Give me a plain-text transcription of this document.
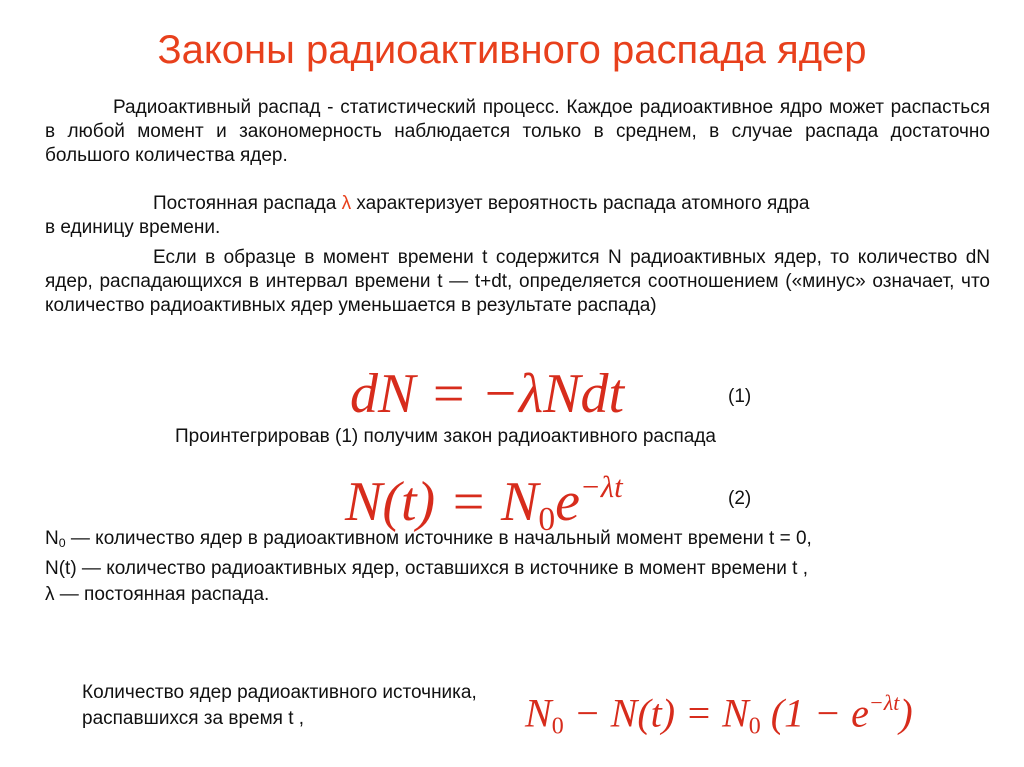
Законы радиоактивного распада ядер
Радиоактивный распад - статистический процесс. Каждое радиоактивное ядро может распасться в любой момент и закономерность наблюдается только в среднем, в случае распада достаточно большого количества ядер.
Постоянная распада λ характеризует вероятность распада атомного ядра
в единицу времени.
Если в образце в момент времени t содержится N радиоактивных ядер, то количество dN ядер, распадающихся в интервал времени t — t+dt, определяется соотношением («минус» означает, что количество радиоактивных ядер уменьшается в результате распада)
dN = −λNdt	(1)
Проинтегрировав (1) получим закон радиоактивного распада
$N(t) = N_0e^{-\lambda t}$	(2)
N0 — количество ядер в радиоактивном источнике в начальный момент времени t = 0,
N(t) — количество радиоактивных ядер, оставшихся в источнике в момент времени t ,
λ — постоянная распада.
Количество ядер радиоактивного источника, распавшихся за время t ,	$N_0 - N(t) = N_0$ $(1 - e^{-\lambda t})$
